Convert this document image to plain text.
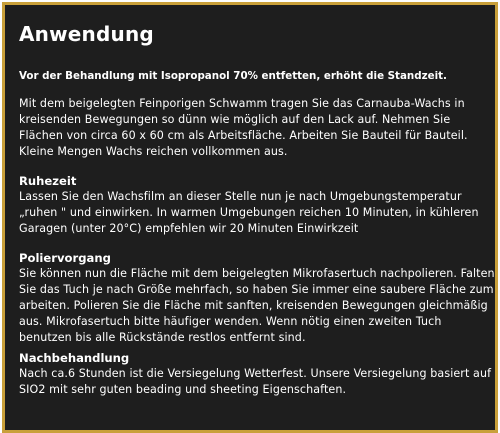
Anwendung
Vor der Behandlung mit Isopropanol 70% entfetten, erhöht die Standzeit.
Mit dem beigelegten Feinporigen Schwamm tragen Sie das Carnauba-Wachs in kreisenden Bewegungen so dünn wie möglich auf den Lack auf. Nehmen Sie Flächen von circa 60 x 60 cm als Arbeitsfläche. Arbeiten Sie Bauteil für Bauteil. Kleine Mengen Wachs reichen vollkommen aus.
Ruhezeit
Lassen Sie den Wachsfilm an dieser Stelle nun je nach Umgebungstemperatur „ruhen " und einwirken. In warmen Umgebungen reichen 10 Minuten, in kühleren Garagen (unter 20°C) empfehlen wir 20 Minuten Einwirkzeit
Poliervorgang
Sie können nun die Fläche mit dem beigelegten Mikrofasertuch nachpolieren. Falten Sie das Tuch je nach Größe mehrfach, so haben Sie immer eine saubere Fläche zum arbeiten. Polieren Sie die Fläche mit sanften, kreisenden Bewegungen gleichmäßig aus. Mikrofasertuch bitte häufiger wenden. Wenn nötig einen zweiten Tuch benutzen bis alle Rückstände restlos entfernt sind.
Nachbehandlung
Nach ca.6 Stunden ist die Versiegelung Wetterfest. Unsere Versiegelung basiert auf SIO2 mit sehr guten beading und sheeting Eigenschaften.
